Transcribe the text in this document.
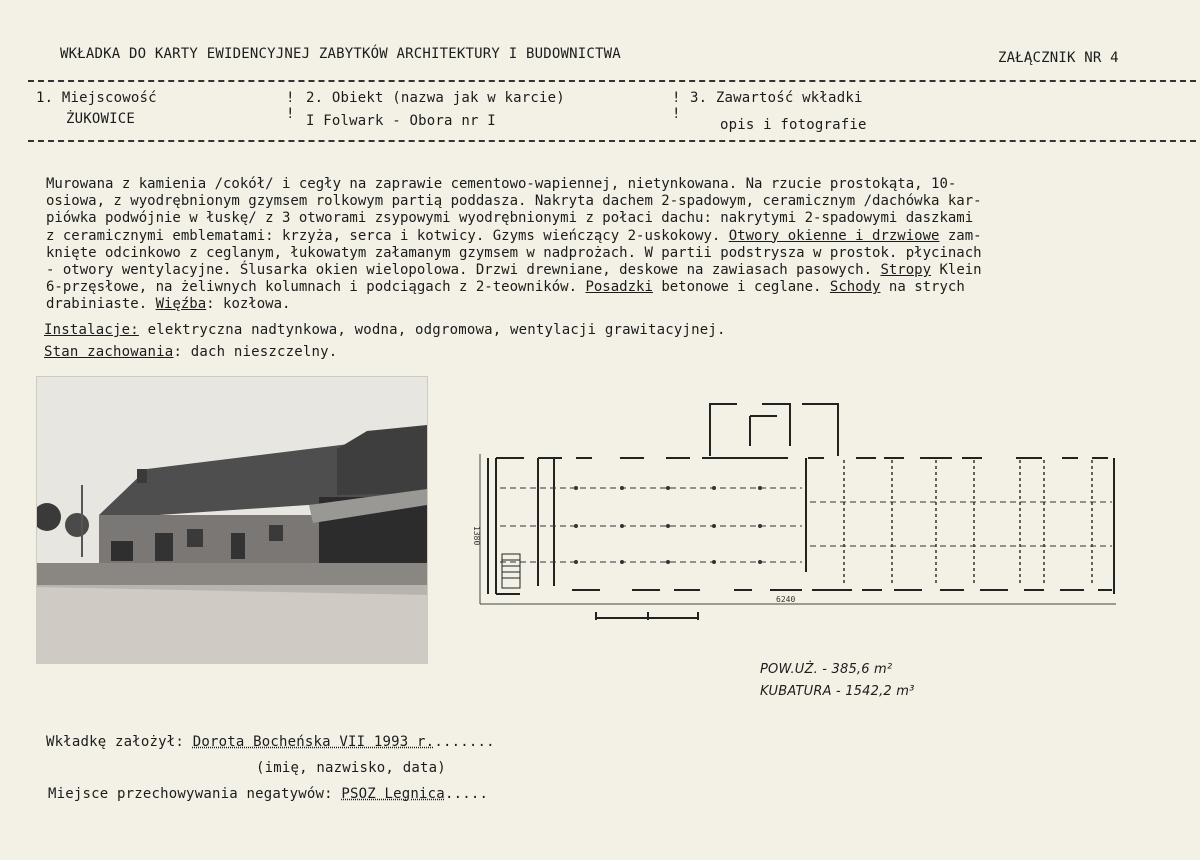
WKŁADKA DO KARTY EWIDENCYJNEJ ZABYTKÓW ARCHITEKTURY I BUDOWNICTWA	ZAŁĄCZNIK NR 4
1. Miejscowość
ŻUKOWICE
!
!
2. Obiekt (nazwa jak w karcie)
I Folwark - Obora nr I
!
!
3. Zawartość wkładki
opis i fotografie
Murowana z kamienia /cokół/ i cegły na zaprawie cementowo-wapiennej, nietynkowana. Na rzucie prostokąta, 10-
osiowa, z wyodrębnionym gzymsem rolkowym partią poddasza. Nakryta dachem 2-spadowym, ceramicznym /dachówka kar-
piówka podwójnie w łuskę/ z 3 otworami zsypowymi wyodrębnionymi z połaci dachu: nakrytymi 2-spadowymi daszkami
z ceramicznymi emblematami: krzyża, serca i kotwicy. Gzyms wieńczący 2-uskokowy. Otwory okienne i drzwiowe zam-
knięte odcinkowo z ceglanym, łukowatym załamanym gzymsem w nadprożach. W partii podstrysza w prostok. płycinach
- otwory wentylacyjne. Ślusarka okien wielopolowa. Drzwi drewniane, deskowe na zawiasach pasowych. Stropy Klein
6-przęsłowe, na żeliwnych kolumnach i podciągach z 2-teowników. Posadzki betonowe i ceglane. Schody na strych
drabiniaste. Więźba: kozłowa.
Instalacje: elektryczna nadtynkowa, wodna, odgromowa, wentylacji grawitacyjnej.
Stan zachowania: dach nieszczelny.
6240
1380
POW.UŻ. - 385,6 m²
KUBATURA - 1542,2 m³
Wkładkę założył: Dorota Bocheńska VII 1993 r........
(imię, nazwisko, data)
Miejsce przechowywania negatywów: PSOZ Legnica.....
